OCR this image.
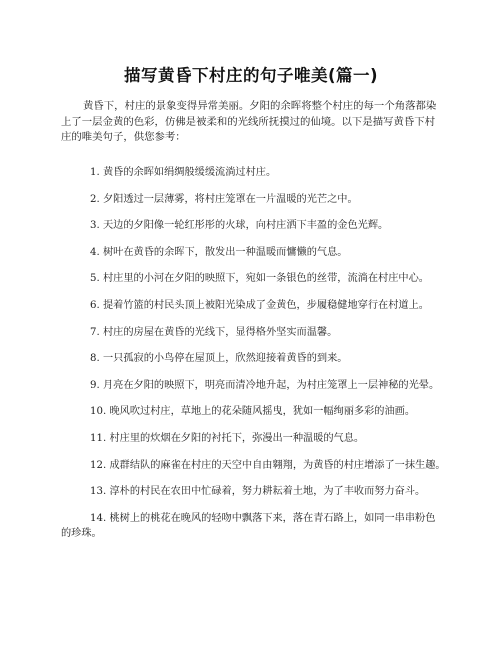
描写黄昏下村庄的句子唯美(篇一)

黄昏下，村庄的景象变得异常美丽。夕阳的余晖将整个村庄的每一个角落都染上了一层金黄的色彩，仿佛是被柔和的光线所抚摸过的仙境。以下是描写黄昏下村庄的唯美句子，供您参考：

1. 黄昏的余晖如绢绸般缓缓流淌过村庄。
2. 夕阳透过一层薄雾，将村庄笼罩在一片温暖的光芒之中。
3. 天边的夕阳像一轮红彤彤的火球，向村庄洒下丰盈的金色光辉。
4. 树叶在黄昏的余晖下，散发出一种温暖而慵懒的气息。
5. 村庄里的小河在夕阳的映照下，宛如一条银色的丝带，流淌在村庄中心。
6. 提着竹篮的村民头顶上被阳光染成了金黄色，步履稳健地穿行在村道上。
7. 村庄的房屋在黄昏的光线下，显得格外坚实而温馨。
8. 一只孤寂的小鸟停在屋顶上，欣然迎接着黄昏的到来。
9. 月亮在夕阳的映照下，明亮而清冷地升起，为村庄笼罩上一层神秘的光晕。
10. 晚风吹过村庄，草地上的花朵随风摇曳，犹如一幅绚丽多彩的油画。
11. 村庄里的炊烟在夕阳的衬托下，弥漫出一种温暖的气息。
12. 成群结队的麻雀在村庄的天空中自由翱翔，为黄昏的村庄增添了一抹生趣。
13. 淳朴的村民在农田中忙碌着，努力耕耘着土地，为了丰收而努力奋斗。
14. 桃树上的桃花在晚风的轻吻中飘落下来，落在青石路上，如同一串串粉色
的珍珠。
